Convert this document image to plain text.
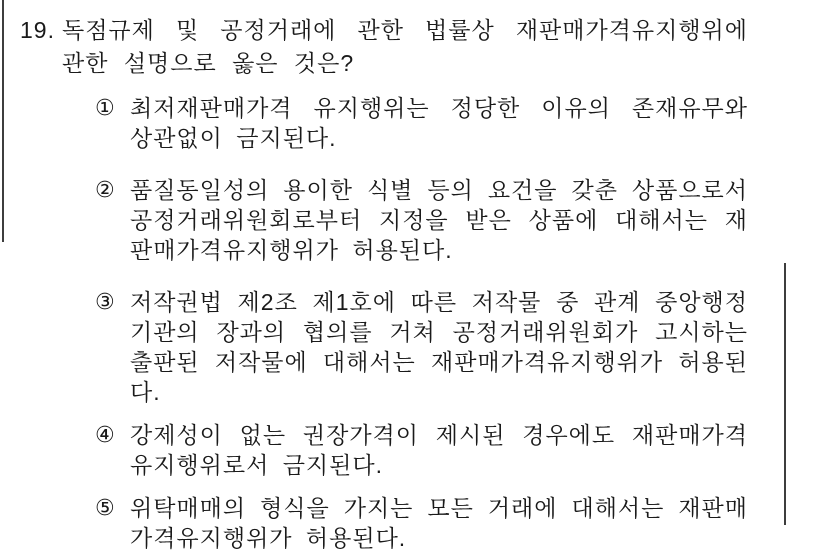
19. 독점규제 및 공정거래에 관한 법률상 재판매가격유지행위에 관한 설명으로 옳은 것은?
① 최저재판매가격 유지행위는 정당한 이유의 존재유무와 상관없이 금지된다.
② 품질동일성의 용이한 식별 등의 요건을 갖춘 상품으로서 공정거래위원회로부터 지정을 받은 상품에 대해서는 재판매가격유지행위가 허용된다.
③ 저작권법 제2조 제1호에 따른 저작물 중 관계 중앙행정기관의 장과의 협의를 거쳐 공정거래위원회가 고시하는 출판된 저작물에 대해서는 재판매가격유지행위가 허용된다.
④ 강제성이 없는 권장가격이 제시된 경우에도 재판매가격유지행위로서 금지된다.
⑤ 위탁매매의 형식을 가지는 모든 거래에 대해서는 재판매가격유지행위가 허용된다.
